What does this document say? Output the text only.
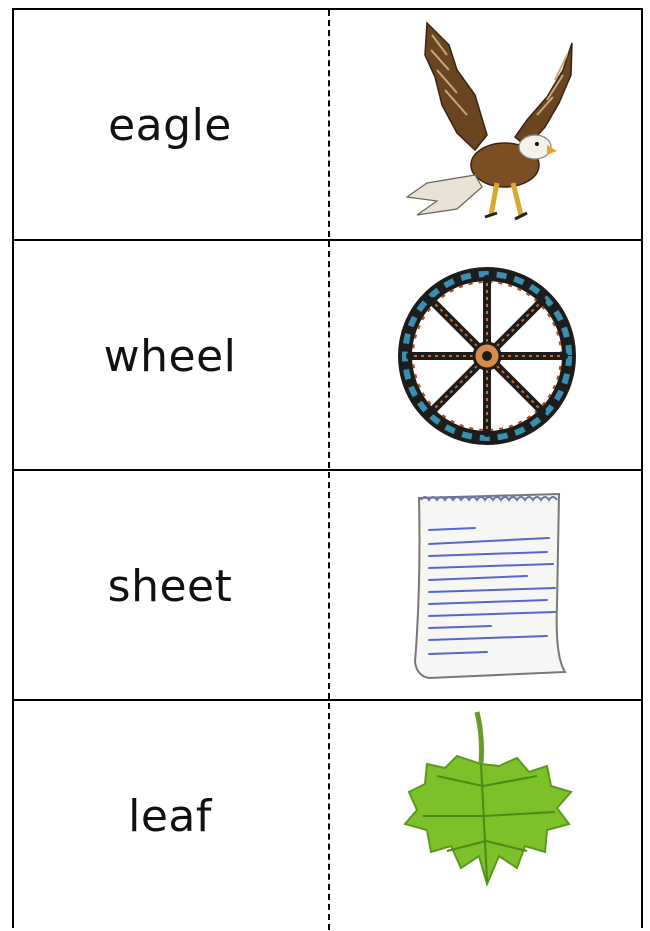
eagle
wheel
sheet
leaf
